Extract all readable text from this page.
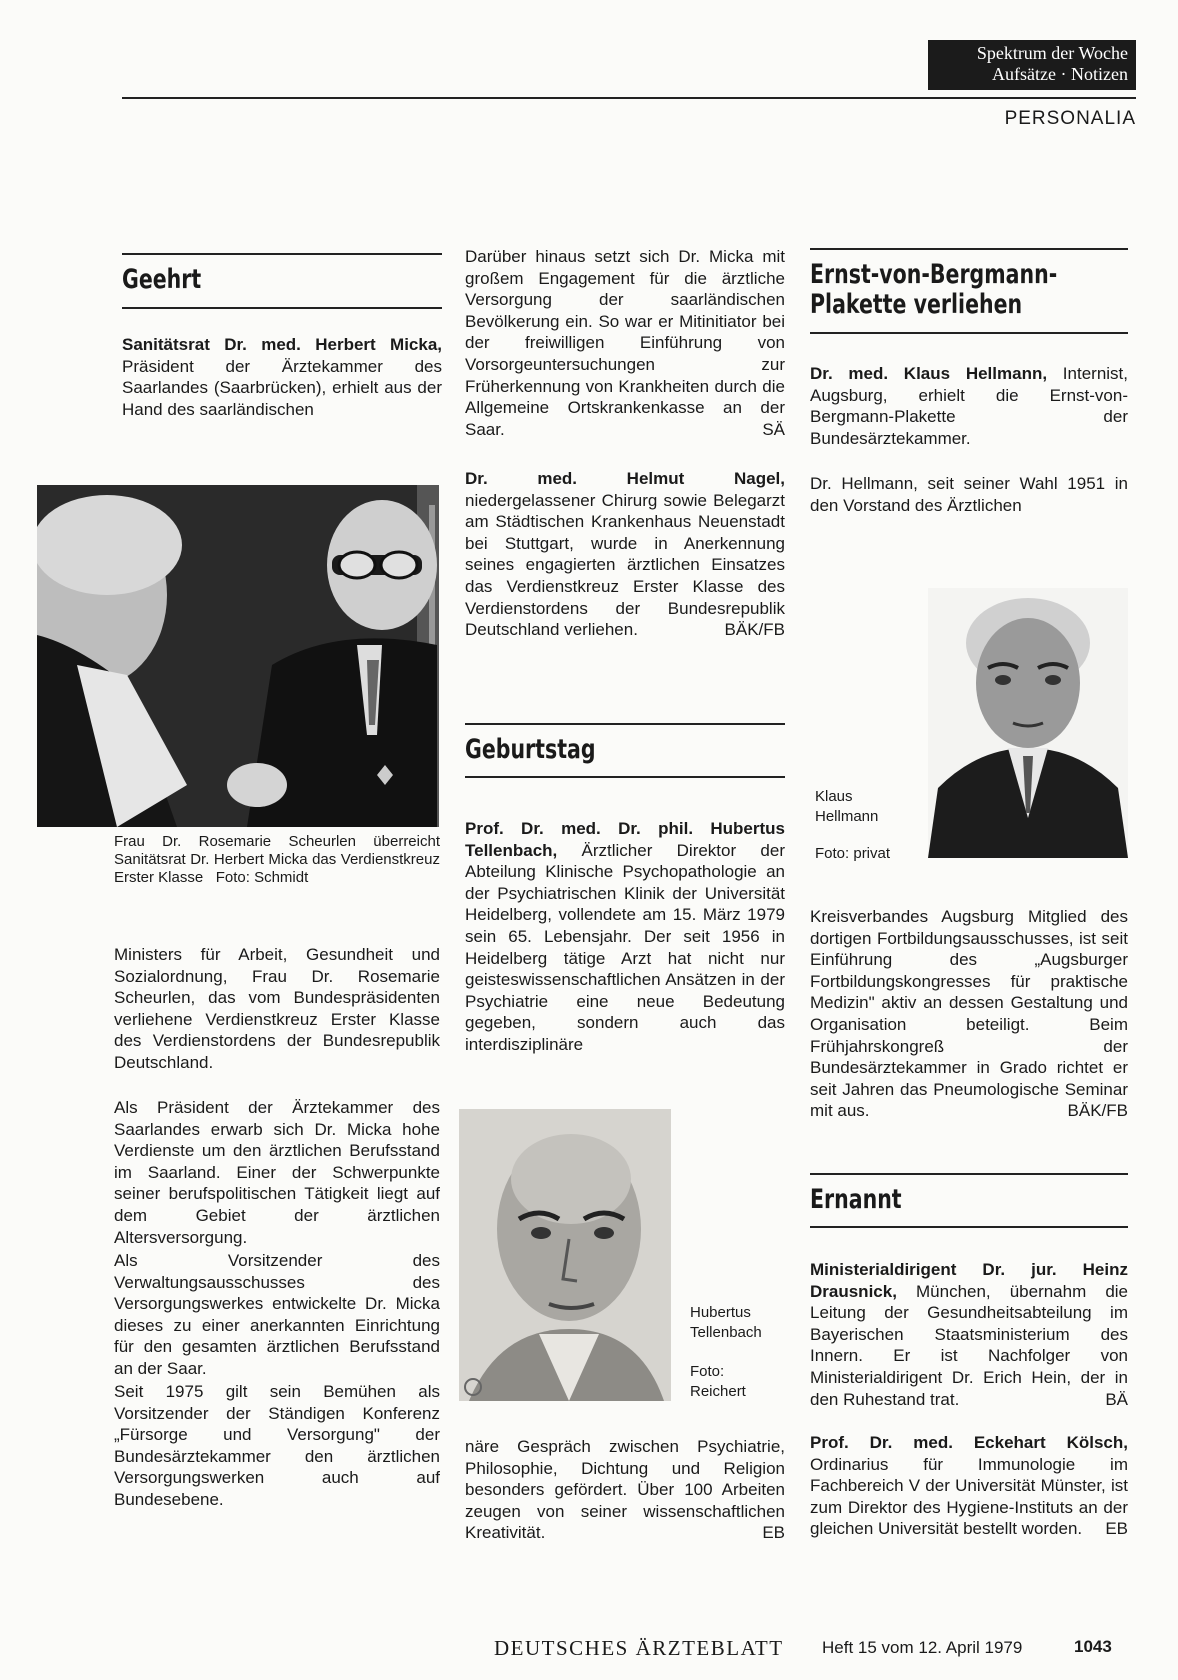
Spektrum der Woche
Aufsätze · Notizen
PERSONALIA
Geehrt
Sanitätsrat Dr. med. Herbert Micka, Präsident der Ärztekammer des Saarlandes (Saarbrücken), erhielt aus der Hand des saarländischen
Frau Dr. Rosemarie Scheurlen überreicht Sanitätsrat Dr. Herbert Micka das Verdienstkreuz Erster Klasse Foto: Schmidt
Ministers für Arbeit, Gesundheit und Sozialordnung, Frau Dr. Rosemarie Scheurlen, das vom Bundespräsidenten verliehene Verdienstkreuz Erster Klasse des Verdienstordens der Bundesrepublik Deutschland.
Als Präsident der Ärztekammer des Saarlandes erwarb sich Dr. Micka hohe Verdienste um den ärztlichen Berufsstand im Saarland. Einer der Schwerpunkte seiner berufspolitischen Tätigkeit liegt auf dem Gebiet der ärztlichen Altersversorgung.
Als Vorsitzender des Verwaltungsausschusses des Versorgungswerkes entwickelte Dr. Micka dieses zu einer anerkannten Einrichtung für den gesamten ärztlichen Berufsstand an der Saar.
Seit 1975 gilt sein Bemühen als Vorsitzender der Ständigen Konferenz „Fürsorge und Versorgung" der Bundesärztekammer den ärztlichen Versorgungswerken auch auf Bundesebene.
Darüber hinaus setzt sich Dr. Micka mit großem Engagement für die ärztliche Versorgung der saarländischen Bevölkerung ein. So war er Mitinitiator bei der freiwilligen Einführung von Vorsorgeuntersuchungen zur Früherkennung von Krankheiten durch die Allgemeine Ortskrankenkasse an der Saar.	SÄ
Dr. med. Helmut Nagel, niedergelassener Chirurg sowie Belegarzt am Städtischen Krankenhaus Neuenstadt bei Stuttgart, wurde in Anerkennung seines engagierten ärztlichen Einsatzes das Verdienstkreuz Erster Klasse des Verdienstordens der Bundesrepublik Deutschland verliehen.	BÄK/FB
Geburtstag
Prof. Dr. med. Dr. phil. Hubertus Tellenbach, Ärztlicher Direktor der Abteilung Klinische Psychopathologie an der Psychiatrischen Klinik der Universität Heidelberg, vollendete am 15. März 1979 sein 65. Lebensjahr. Der seit 1956 in Heidelberg tätige Arzt hat nicht nur geisteswissenschaftlichen Ansätzen in der Psychiatrie eine neue Bedeutung gegeben, sondern auch das interdisziplinäre
Hubertus
Tellenbach
Foto:
Reichert
näre Gespräch zwischen Psychiatrie, Philosophie, Dichtung und Religion besonders gefördert. Über 100 Arbeiten zeugen von seiner wissenschaftlichen Kreativität.	EB
Ernst-von-Bergmann-
Plakette verliehen
Dr. med. Klaus Hellmann, Internist, Augsburg, erhielt die Ernst-von-Bergmann-Plakette der Bundesärztekammer.
Dr. Hellmann, seit seiner Wahl 1951 in den Vorstand des Ärztlichen
Klaus
Hellmann
Foto: privat
Kreisverbandes Augsburg Mitglied des dortigen Fortbildungsausschusses, ist seit Einführung des „Augsburger Fortbildungskongresses für praktische Medizin" aktiv an dessen Gestaltung und Organisation beteiligt. Beim Frühjahrskongreß der Bundesärztekammer in Grado richtet er seit Jahren das Pneumologische Seminar mit aus.	BÄK/FB
Ernannt
Ministerialdirigent Dr. jur. Heinz Drausnick, München, übernahm die Leitung der Gesundheitsabteilung im Bayerischen Staatsministerium des Innern. Er ist Nachfolger von Ministerialdirigent Dr. Erich Hein, der in den Ruhestand trat.	BÄ
Prof. Dr. med. Eckehart Kölsch, Ordinarius für Immunologie im Fachbereich V der Universität Münster, ist zum Direktor des Hygiene-Instituts an der gleichen Universität bestellt worden. EB
DEUTSCHES ÄRZTEBLATT Heft 15 vom 12. April 1979	1043
